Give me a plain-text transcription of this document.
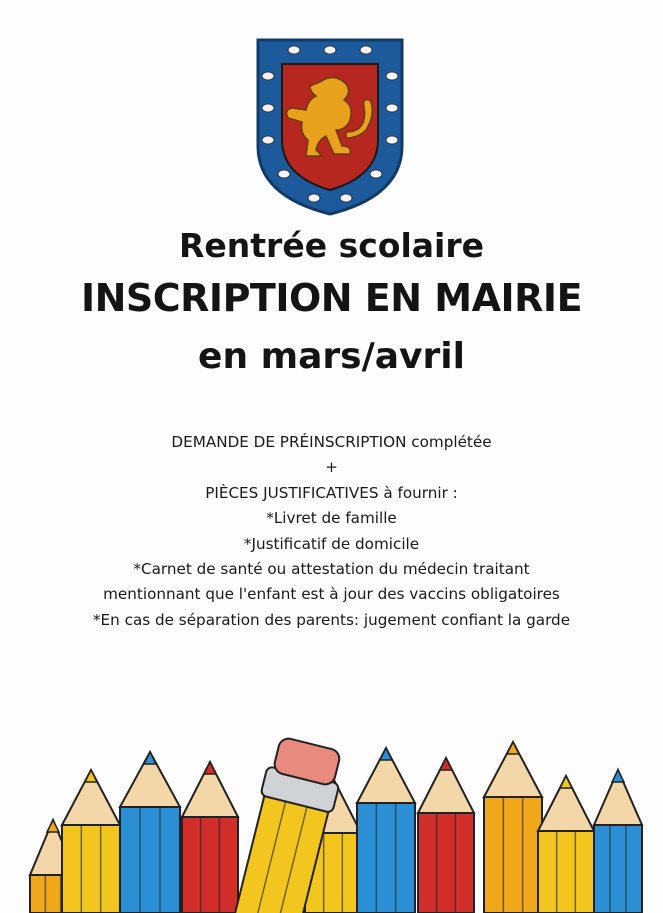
Rentrée scolaire
INSCRIPTION EN MAIRIE
en mars/avril
DEMANDE DE PRÉINSCRIPTION complétée
+
PIÈCES JUSTIFICATIVES à fournir :
*Livret de famille
*Justificatif de domicile
*Carnet de santé ou attestation du médecin traitant
mentionnant que l'enfant est à jour des vaccins obligatoires
*En cas de séparation des parents: jugement confiant la garde
